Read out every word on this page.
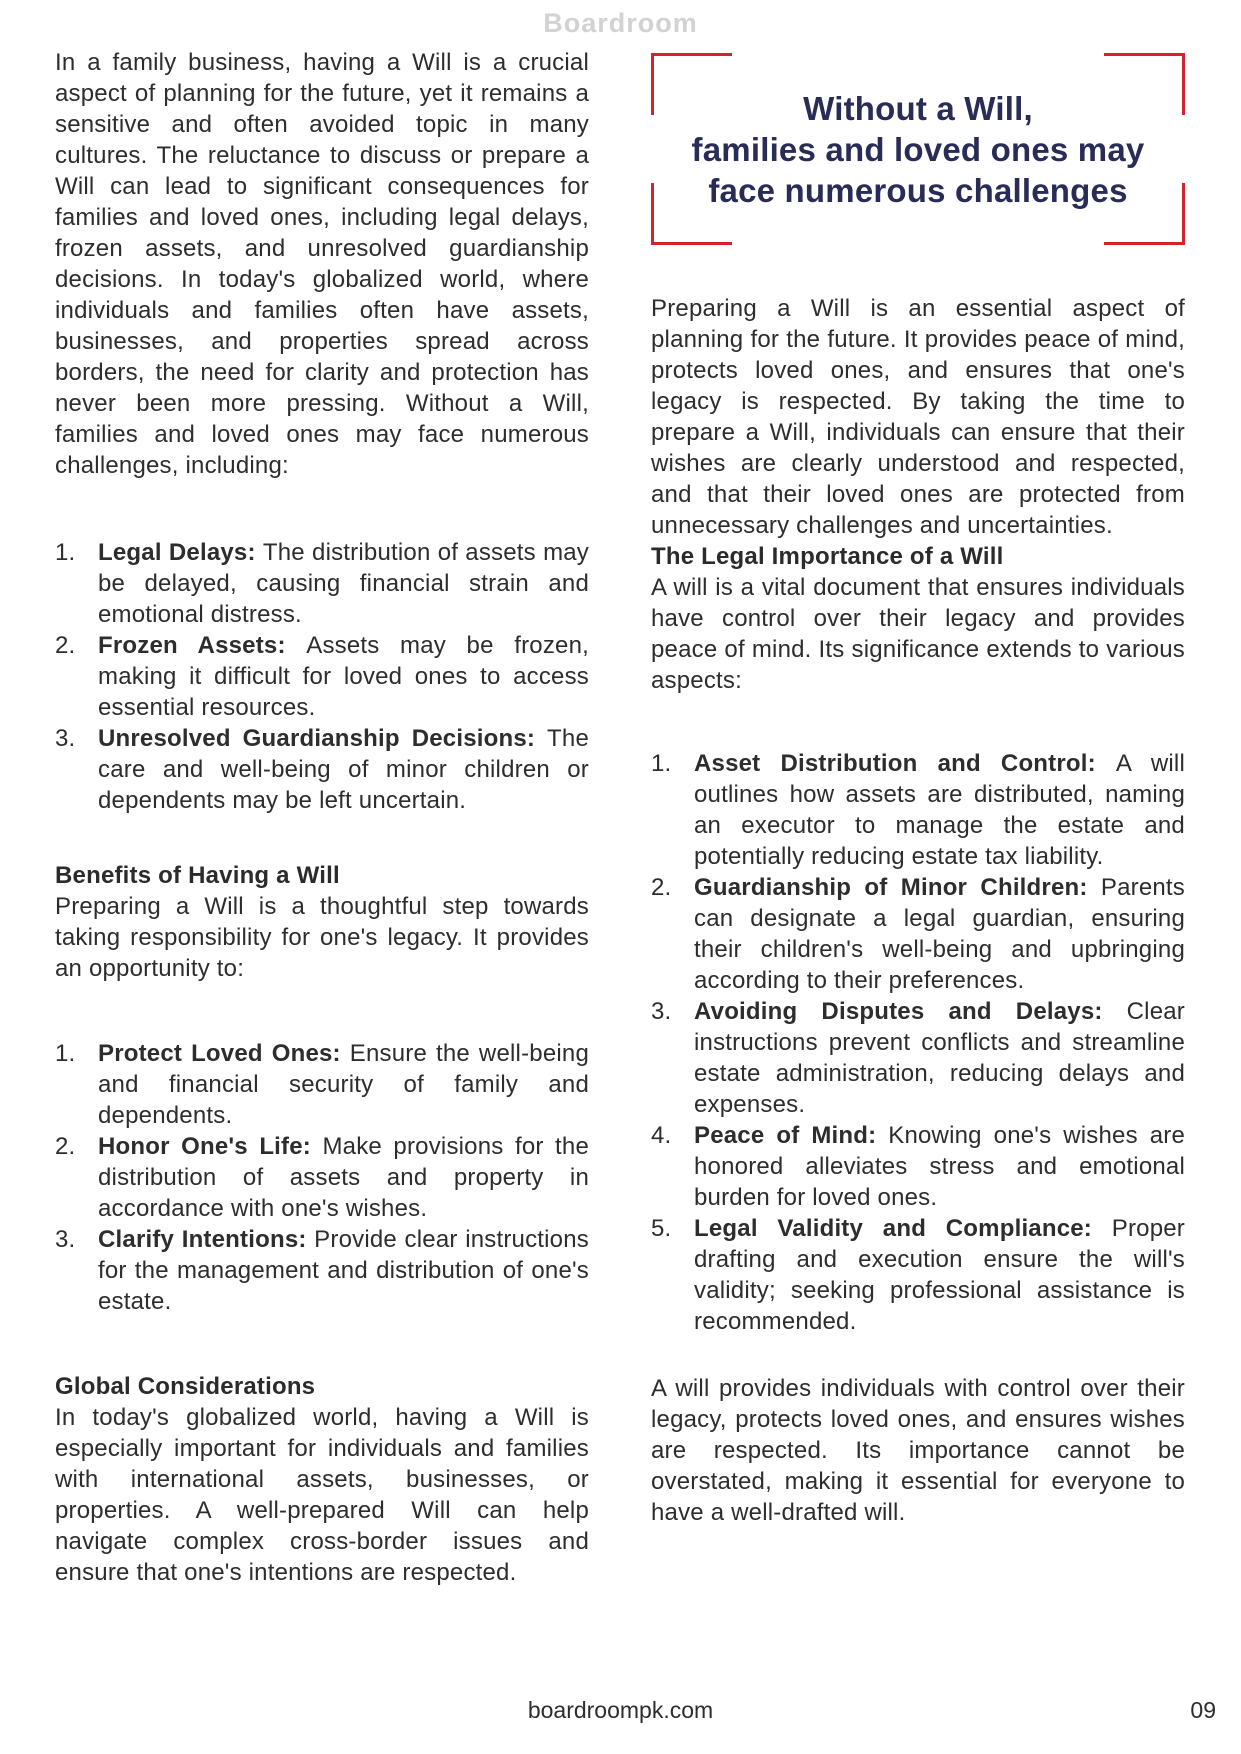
Boardroom

In a family business, having a Will is a crucial aspect of planning for the future, yet it remains a sensitive and often avoided topic in many cultures. The reluctance to discuss or prepare a Will can lead to significant consequences for families and loved ones, including legal delays, frozen assets, and unresolved guardianship decisions. In today's globalized world, where individuals and families often have assets, businesses, and properties spread across borders, the need for clarity and protection has never been more pressing. Without a Will, families and loved ones may face numerous challenges, including:

1. Legal Delays: The distribution of assets may be delayed, causing financial strain and emotional distress.
2. Frozen Assets: Assets may be frozen, making it difficult for loved ones to access essential resources.
3. Unresolved Guardianship Decisions: The care and well-being of minor children or dependents may be left uncertain.
Benefits of Having a Will

Preparing a Will is a thoughtful step towards taking responsibility for one's legacy. It provides an opportunity to:

1. Protect Loved Ones: Ensure the well-being and financial security of family and dependents.
2. Honor One's Life: Make provisions for the distribution of assets and property in accordance with one's wishes.
3. Clarify Intentions: Provide clear instructions for the management and distribution of one's estate.
Global Considerations

In today's globalized world, having a Will is especially important for individuals and families with international assets, businesses, or properties. A well-prepared Will can help navigate complex cross-border issues and ensure that one's intentions are respected.

Without a Will,
families and loved ones may
face numerous challenges

Preparing a Will is an essential aspect of planning for the future. It provides peace of mind, protects loved ones, and ensures that one's legacy is respected. By taking the time to prepare a Will, individuals can ensure that their wishes are clearly understood and respected, and that their loved ones are protected from unnecessary challenges and uncertainties.

The Legal Importance of a Will

A will is a vital document that ensures individuals have control over their legacy and provides peace of mind. Its significance extends to various aspects:

1. Asset Distribution and Control: A will outlines how assets are distributed, naming an executor to manage the estate and potentially reducing estate tax liability.
2. Guardianship of Minor Children: Parents can designate a legal guardian, ensuring their children's well-being and upbringing according to their preferences.
3. Avoiding Disputes and Delays: Clear instructions prevent conflicts and streamline estate administration, reducing delays and expenses.
4. Peace of Mind: Knowing one's wishes are honored alleviates stress and emotional burden for loved ones.
5. Legal Validity and Compliance: Proper drafting and execution ensure the will's validity; seeking professional assistance is recommended.

A will provides individuals with control over their legacy, protects loved ones, and ensures wishes are respected. Its importance cannot be overstated, making it essential for everyone to have a well-drafted will.

boardroompk.com	09
